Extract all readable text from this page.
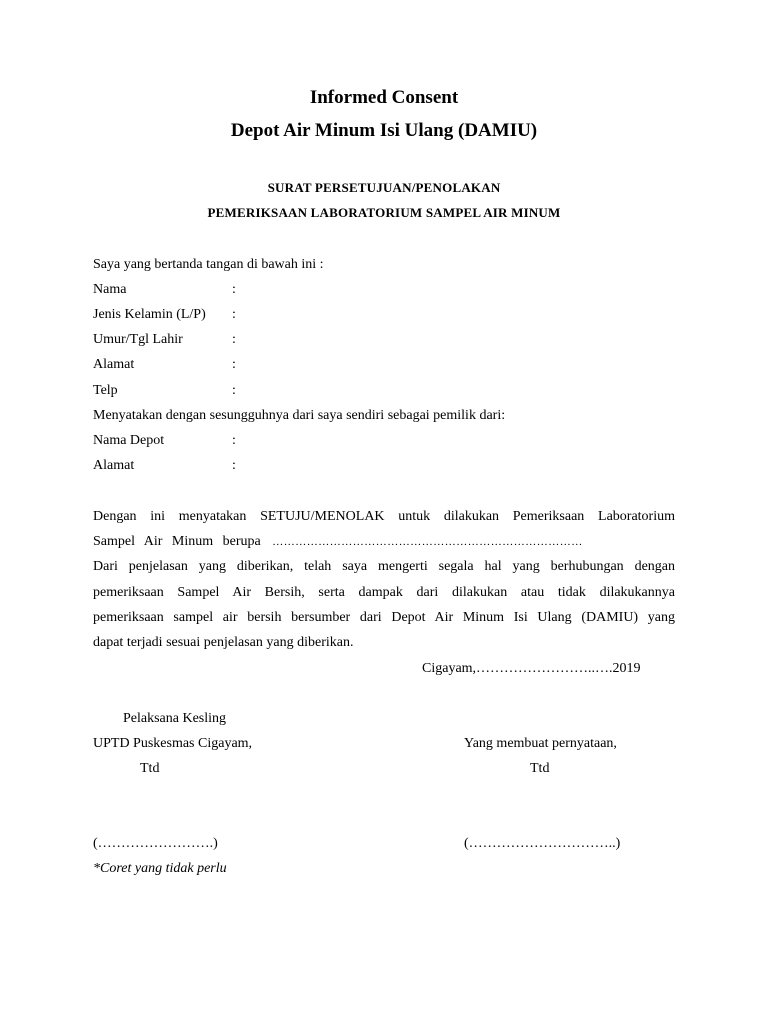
Informed Consent
Depot Air Minum Isi Ulang (DAMIU)
SURAT PERSETUJUAN/PENOLAKAN
PEMERIKSAAN LABORATORIUM SAMPEL AIR MINUM
Saya yang bertanda tangan di bawah ini :
Nama	:
Jenis Kelamin (L/P) :
Umur/Tgl Lahir	:
Alamat	:
Telp	:
Menyatakan dengan sesungguhnya dari saya sendiri sebagai pemilik dari:
Nama Depot	:
Alamat	:
Dengan ini menyatakan SETUJU/MENOLAK untuk dilakukan Pemeriksaan Laboratorium
Sampel Air Minum berupa ………………………………………………………………………
Dari penjelasan yang diberikan, telah saya mengerti segala hal yang berhubungan dengan
pemeriksaan Sampel Air Bersih, serta dampak dari dilakukan atau tidak dilakukannya
pemeriksaan sampel air bersih bersumber dari Depot Air Minum Isi Ulang (DAMIU) yang
dapat terjadi sesuai penjelasan yang diberikan.
Cigayam,……………………..….2019
Pelaksana Kesling
UPTD Puskesmas Cigayam,
Ttd
(…………………….)
Yang membuat pernyataan,
Ttd
(…………………………..)
*Coret yang tidak perlu
